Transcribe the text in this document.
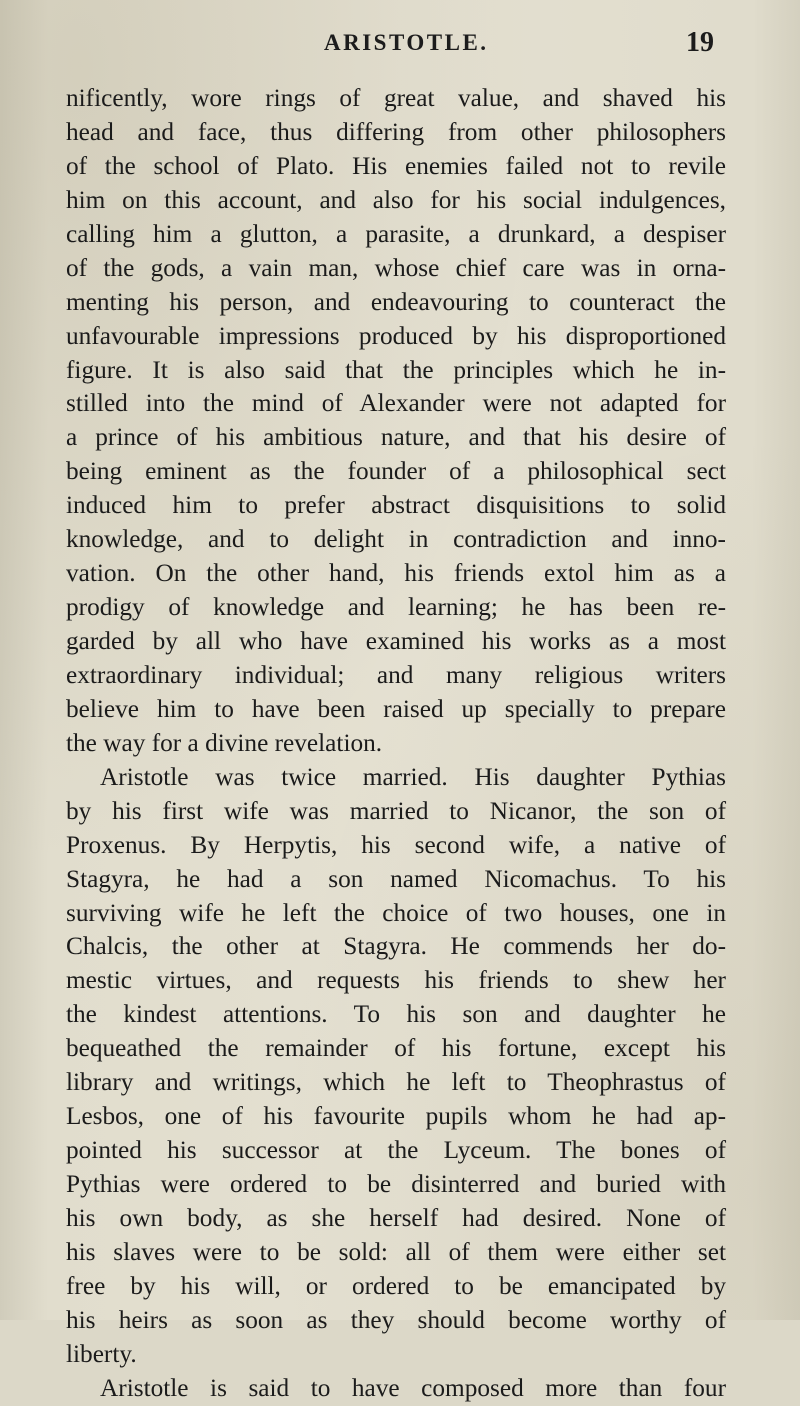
ARISTOTLE.	19
nificently, wore rings of great value, and shaved his
head and face, thus differing from other philosophers
of the school of Plato. His enemies failed not to revile
him on this account, and also for his social indulgences,
calling him a glutton, a parasite, a drunkard, a despiser
of the gods, a vain man, whose chief care was in orna-
menting his person, and endeavouring to counteract the
unfavourable impressions produced by his disproportioned
figure. It is also said that the principles which he in-
stilled into the mind of Alexander were not adapted for
a prince of his ambitious nature, and that his desire of
being eminent as the founder of a philosophical sect
induced him to prefer abstract disquisitions to solid
knowledge, and to delight in contradiction and inno-
vation. On the other hand, his friends extol him as a
prodigy of knowledge and learning; he has been re-
garded by all who have examined his works as a most
extraordinary individual; and many religious writers
believe him to have been raised up specially to prepare
the way for a divine revelation.
Aristotle was twice married. His daughter Pythias
by his first wife was married to Nicanor, the son of
Proxenus. By Herpytis, his second wife, a native of
Stagyra, he had a son named Nicomachus. To his
surviving wife he left the choice of two houses, one in
Chalcis, the other at Stagyra. He commends her do-
mestic virtues, and requests his friends to shew her
the kindest attentions. To his son and daughter he
bequeathed the remainder of his fortune, except his
library and writings, which he left to Theophrastus of
Lesbos, one of his favourite pupils whom he had ap-
pointed his successor at the Lyceum. The bones of
Pythias were ordered to be disinterred and buried with
his own body, as she herself had desired. None of
his slaves were to be sold: all of them were either set
free by his will, or ordered to be emancipated by
his heirs as soon as they should become worthy of
liberty.
Aristotle is said to have composed more than four
